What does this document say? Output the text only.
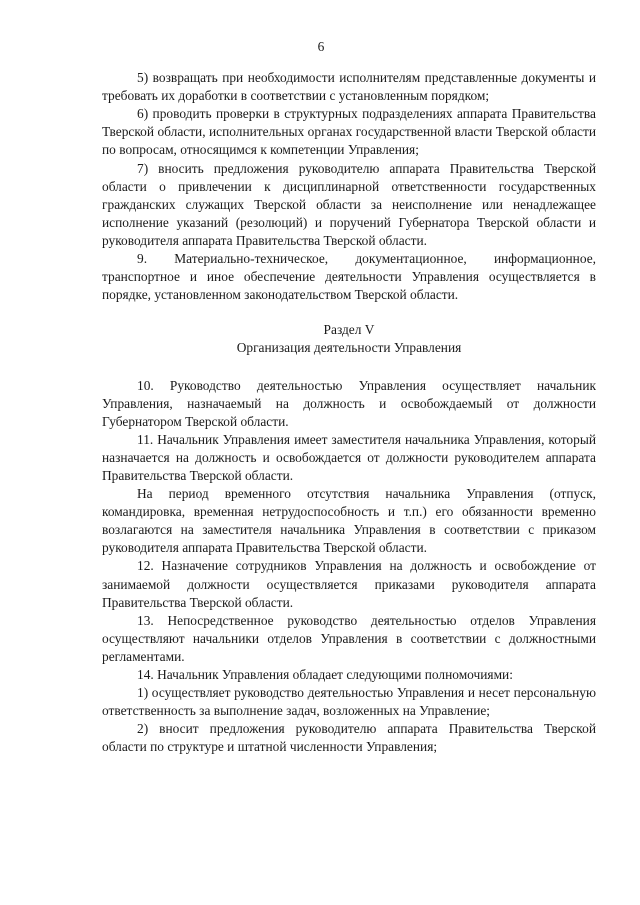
6

5) возвращать при необходимости исполнителям представленные документы и требовать их доработки в соответствии с установленным порядком;

6) проводить проверки в структурных подразделениях аппарата Правительства Тверской области, исполнительных органах государственной власти Тверской области по вопросам, относящимся к компетенции Управления;

7) вносить предложения руководителю аппарата Правительства Тверской области о привлечении к дисциплинарной ответственности государственных гражданских служащих Тверской области за неисполнение или ненадлежащее исполнение указаний (резолюций) и поручений Губернатора Тверской области и руководителя аппарата Правительства Тверской области.

9. Материально-техническое, документационное, информационное, транспортное и иное обеспечение деятельности Управления осуществляется в порядке, установленном законодательством Тверской области.

Раздел V

Организация деятельности Управления

10. Руководство деятельностью Управления осуществляет начальник Управления, назначаемый на должность и освобождаемый от должности Губернатором Тверской области.

11. Начальник Управления имеет заместителя начальника Управления, который назначается на должность и освобождается от должности руководителем аппарата Правительства Тверской области.

На период временного отсутствия начальника Управления (отпуск, командировка, временная нетрудоспособность и т.п.) его обязанности временно возлагаются на заместителя начальника Управления в соответствии с приказом руководителя аппарата Правительства Тверской области.

12. Назначение сотрудников Управления на должность и освобождение от занимаемой должности осуществляется приказами руководителя аппарата Правительства Тверской области.

13. Непосредственное руководство деятельностью отделов Управления осуществляют начальники отделов Управления в соответствии с должностными регламентами.

14. Начальник Управления обладает следующими полномочиями:

1) осуществляет руководство деятельностью Управления и несет персональную ответственность за выполнение задач, возложенных на Управление;

2) вносит предложения руководителю аппарата Правительства Тверской области по структуре и штатной численности Управления;
